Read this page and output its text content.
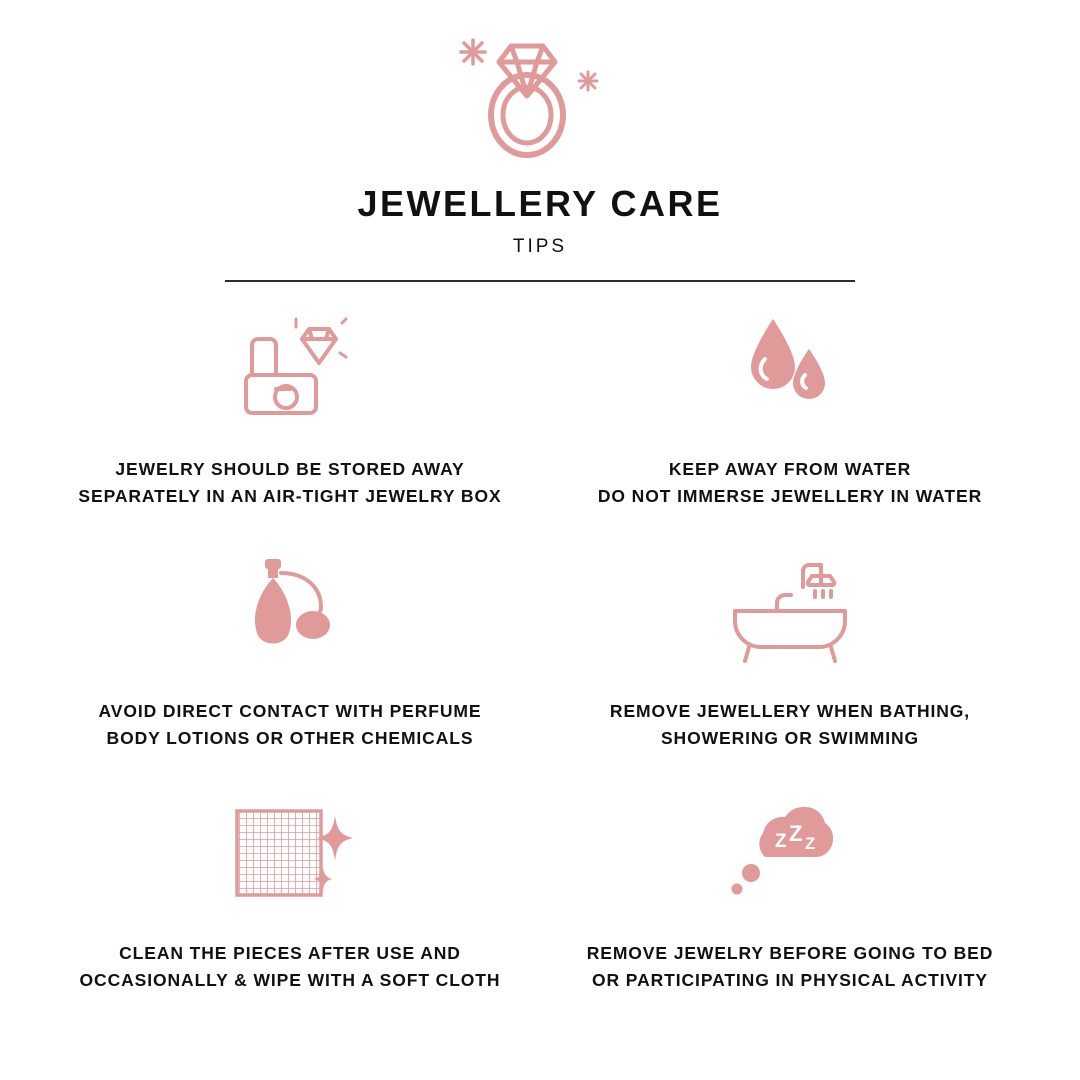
JEWELLERY CARE
TIPS
JEWELRY SHOULD BE STORED AWAY
SEPARATELY IN AN AIR-TIGHT JEWELRY BOX
KEEP AWAY FROM WATER
DO NOT IMMERSE JEWELLERY IN WATER
AVOID DIRECT CONTACT WITH PERFUME
BODY LOTIONS OR OTHER CHEMICALS
REMOVE JEWELLERY WHEN BATHING,
SHOWERING OR SWIMMING
CLEAN THE PIECES AFTER USE AND
OCCASIONALLY & WIPE WITH A SOFT CLOTH
Z Z Z
REMOVE JEWELRY BEFORE GOING TO BED
OR PARTICIPATING IN PHYSICAL ACTIVITY
